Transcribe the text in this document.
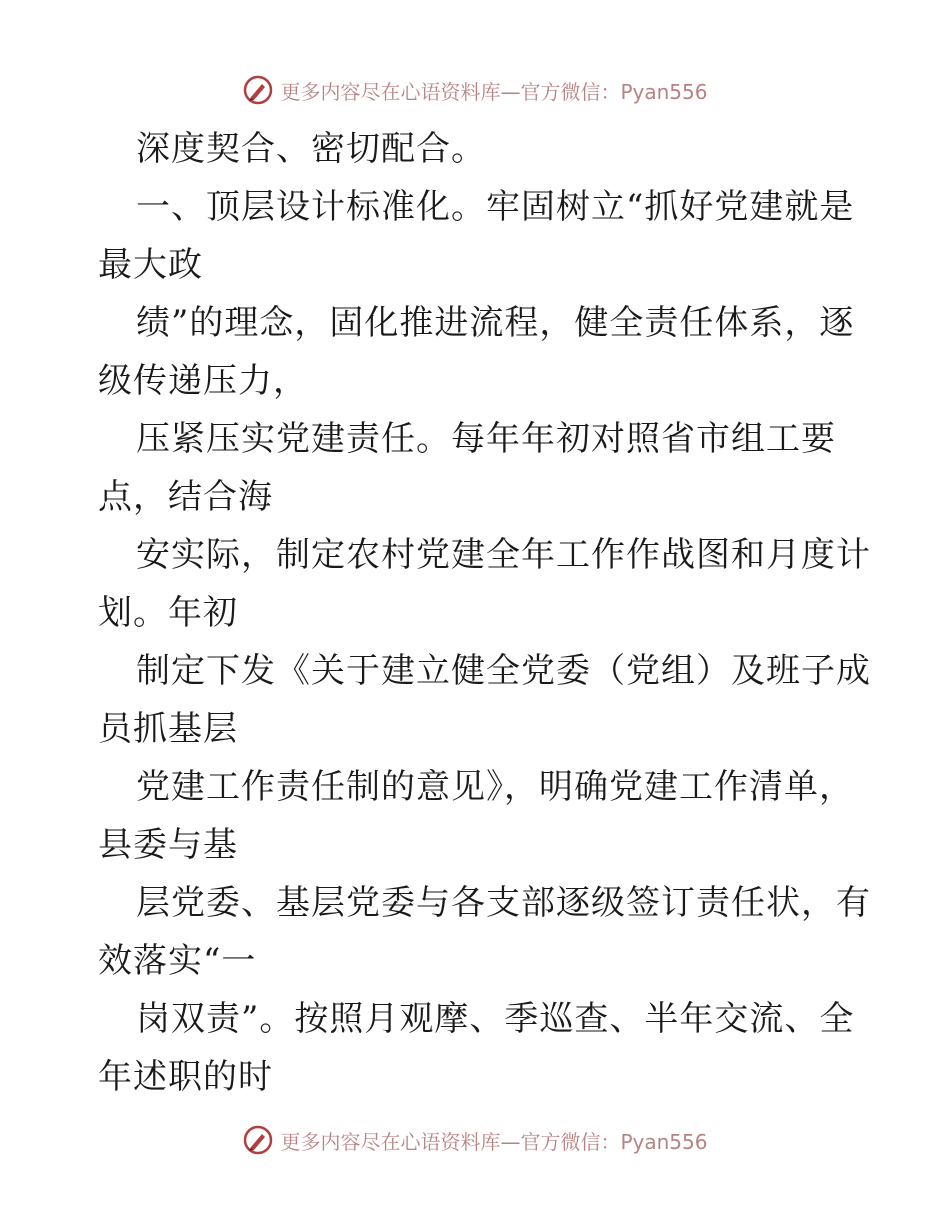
更多内容尽在心语资料库—官方微信：Pyan556
深度契合、密切配合。
一、顶层设计标准化。牢固树立“抓好党建就是
最大政
绩”的理念，固化推进流程，健全责任体系，逐
级传递压力，
压紧压实党建责任。每年年初对照省市组工要
点，结合海
安实际，制定农村党建全年工作作战图和月度计
划。年初
制定下发《关于建立健全党委（党组）及班子成
员抓基层
党建工作责任制的意见》，明确党建工作清单，
县委与基
层党委、基层党委与各支部逐级签订责任状，有
效落实“一
岗双责”。按照月观摩、季巡查、半年交流、全
年述职的时
更多内容尽在心语资料库—官方微信：Pyan556
